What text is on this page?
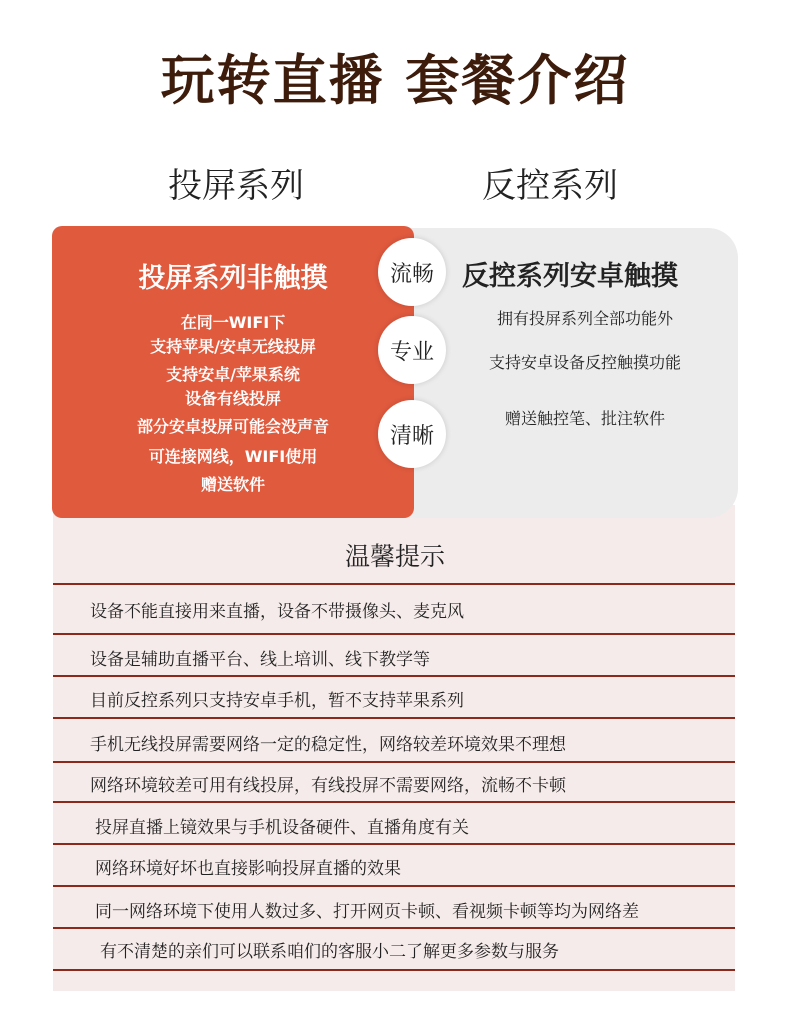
玩转直播 套餐介绍
投屏系列	反控系列
反控系列安卓触摸
拥有投屏系列全部功能外
支持安卓设备反控触摸功能
赠送触控笔、批注软件
投屏系列非触摸
在同一WIFI下
支持苹果/安卓无线投屏
支持安卓/苹果系统
设备有线投屏
部分安卓投屏可能会没声音
可连接网线，WIFI使用
赠送软件
流畅
专业
清晰
温馨提示
设备不能直接用来直播，设备不带摄像头、麦克风
设备是辅助直播平台、线上培训、线下教学等
目前反控系列只支持安卓手机，暂不支持苹果系列
手机无线投屏需要网络一定的稳定性，网络较差环境效果不理想
网络环境较差可用有线投屏，有线投屏不需要网络，流畅不卡顿
投屏直播上镜效果与手机设备硬件、直播角度有关
网络环境好坏也直接影响投屏直播的效果
同一网络环境下使用人数过多、打开网页卡顿、看视频卡顿等均为网络差
有不清楚的亲们可以联系咱们的客服小二了解更多参数与服务
